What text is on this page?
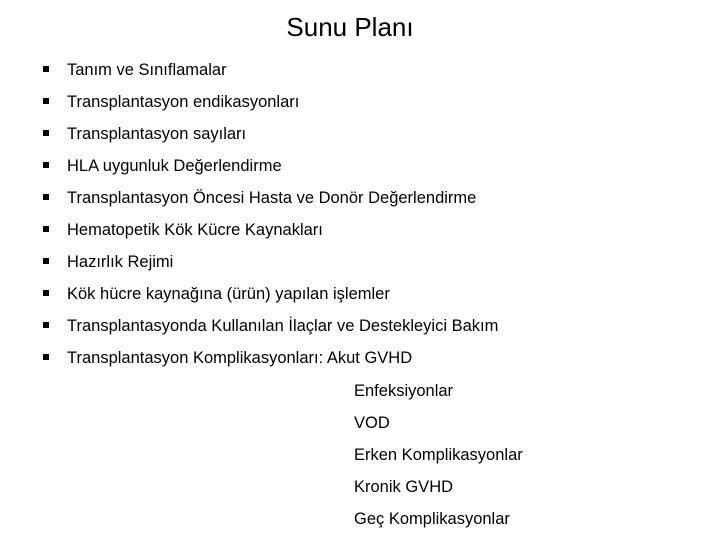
Sunu Planı
Tanım ve Sınıflamalar
Transplantasyon endikasyonları
Transplantasyon sayıları
HLA uygunluk Değerlendirme
Transplantasyon Öncesi Hasta ve Donör Değerlendirme
Hematopetik Kök Kücre Kaynakları
Hazırlık Rejimi
Kök hücre kaynağına (ürün) yapılan işlemler
Transplantasyonda Kullanılan İlaçlar ve Destekleyici Bakım
Transplantasyon Komplikasyonları: Akut GVHD
Enfeksiyonlar
VOD
Erken Komplikasyonlar
Kronik GVHD
Geç Komplikasyonlar
